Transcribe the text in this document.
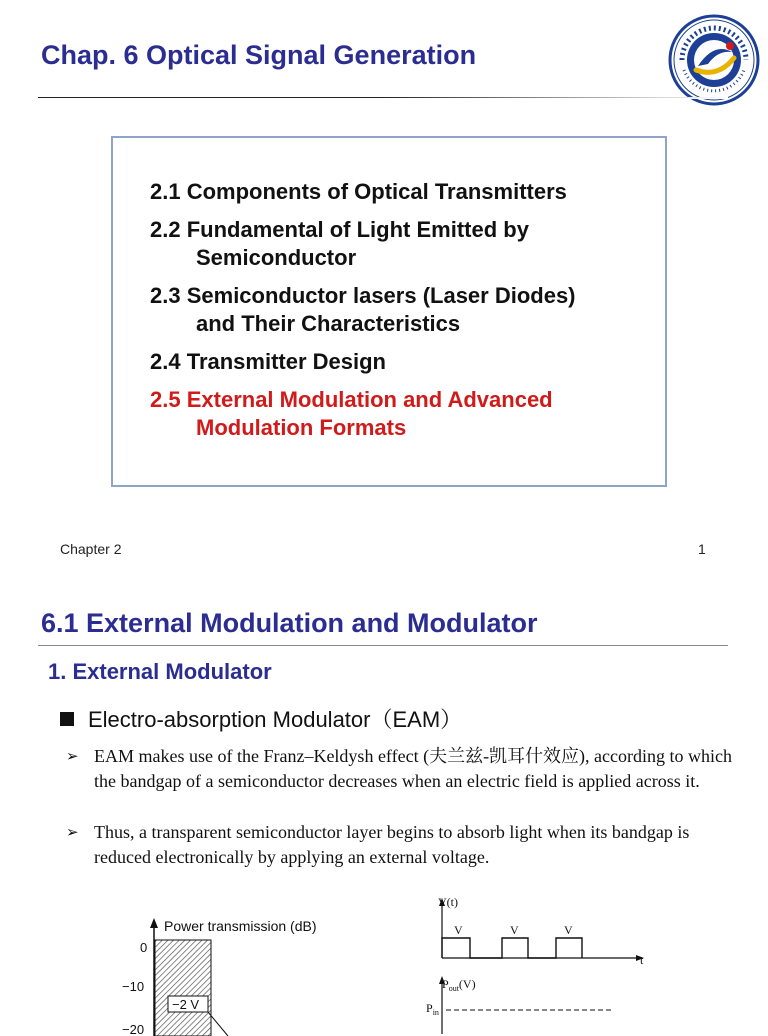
Chap. 6 Optical Signal Generation
2.1 Components of Optical Transmitters
2.2 Fundamental of Light Emitted by
Semiconductor
2.3 Semiconductor lasers (Laser Diodes)
and Their Characteristics
2.4 Transmitter Design
2.5 External Modulation and Advanced
Modulation Formats
Chapter 2	1
6.1 External Modulation and Modulator
1. External Modulator
Electro-absorption Modulator（EAM）
➢ EAM makes use of the Franz–Keldysh effect (夫兰兹-凯耳什效应), according to which the bandgap of a semiconductor decreases when an electric field is applied across it.
➢ Thus, a transparent semiconductor layer begins to absorb light when its bandgap is reduced electronically by applying an external voltage.
Power transmission (dB)
0
−10
−20
−2 V
V(t)
t
V	V	V
$P_{out}(V)$
$P_{in}$
